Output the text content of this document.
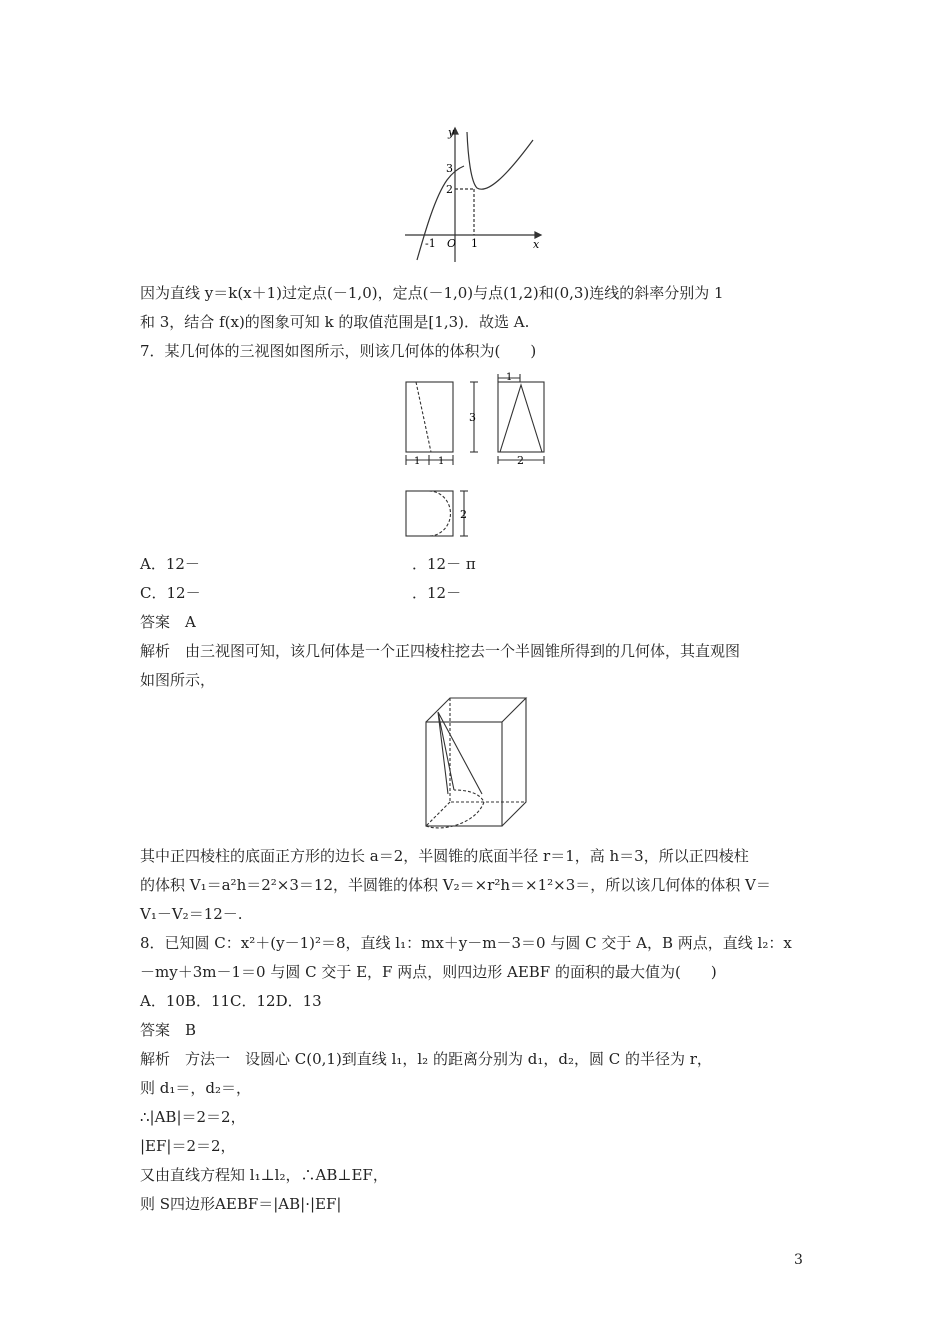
y
x
O
-1	1
3
2
因为直线 y＝k(x＋1)过定点(－1,0)，定点(－1,0)与点(1,2)和(0,3)连线的斜率分别为 1
和 3，结合 f(x)的图象可知 k 的取值范围是[1,3)．故选 A.
7．某几何体的三视图如图所示，则该几何体的体积为(　　)
1
3
2
1 1	2
A．12－	．12－ π
C．12－	．12－
答案　A
解析　由三视图可知，该几何体是一个正四棱柱挖去一个半圆锥所得到的几何体，其直观图
如图所示，
其中正四棱柱的底面正方形的边长 a＝2，半圆锥的底面半径 r＝1，高 h＝3，所以正四棱柱
的体积 V₁＝a²h＝2²×3＝12，半圆锥的体积 V₂＝×r²h＝×1²×3＝，所以该几何体的体积 V＝
V₁－V₂＝12－.
8．已知圆 C：x²＋(y－1)²＝8，直线 l₁：mx＋y－m－3＝0 与圆 C 交于 A，B 两点，直线 l₂：x
－my＋3m－1＝0 与圆 C 交于 E，F 两点，则四边形 AEBF 的面积的最大值为(　　)
A．10B．11C．12D．13
答案　B
解析　方法一　设圆心 C(0,1)到直线 l₁，l₂ 的距离分别为 d₁，d₂，圆 C 的半径为 r，
则 d₁＝，d₂＝，
∴|AB|＝2＝2，
|EF|＝2＝2，
又由直线方程知 l₁⊥l₂，∴AB⊥EF，
则 S四边形AEBF＝|AB|·|EF|
3
